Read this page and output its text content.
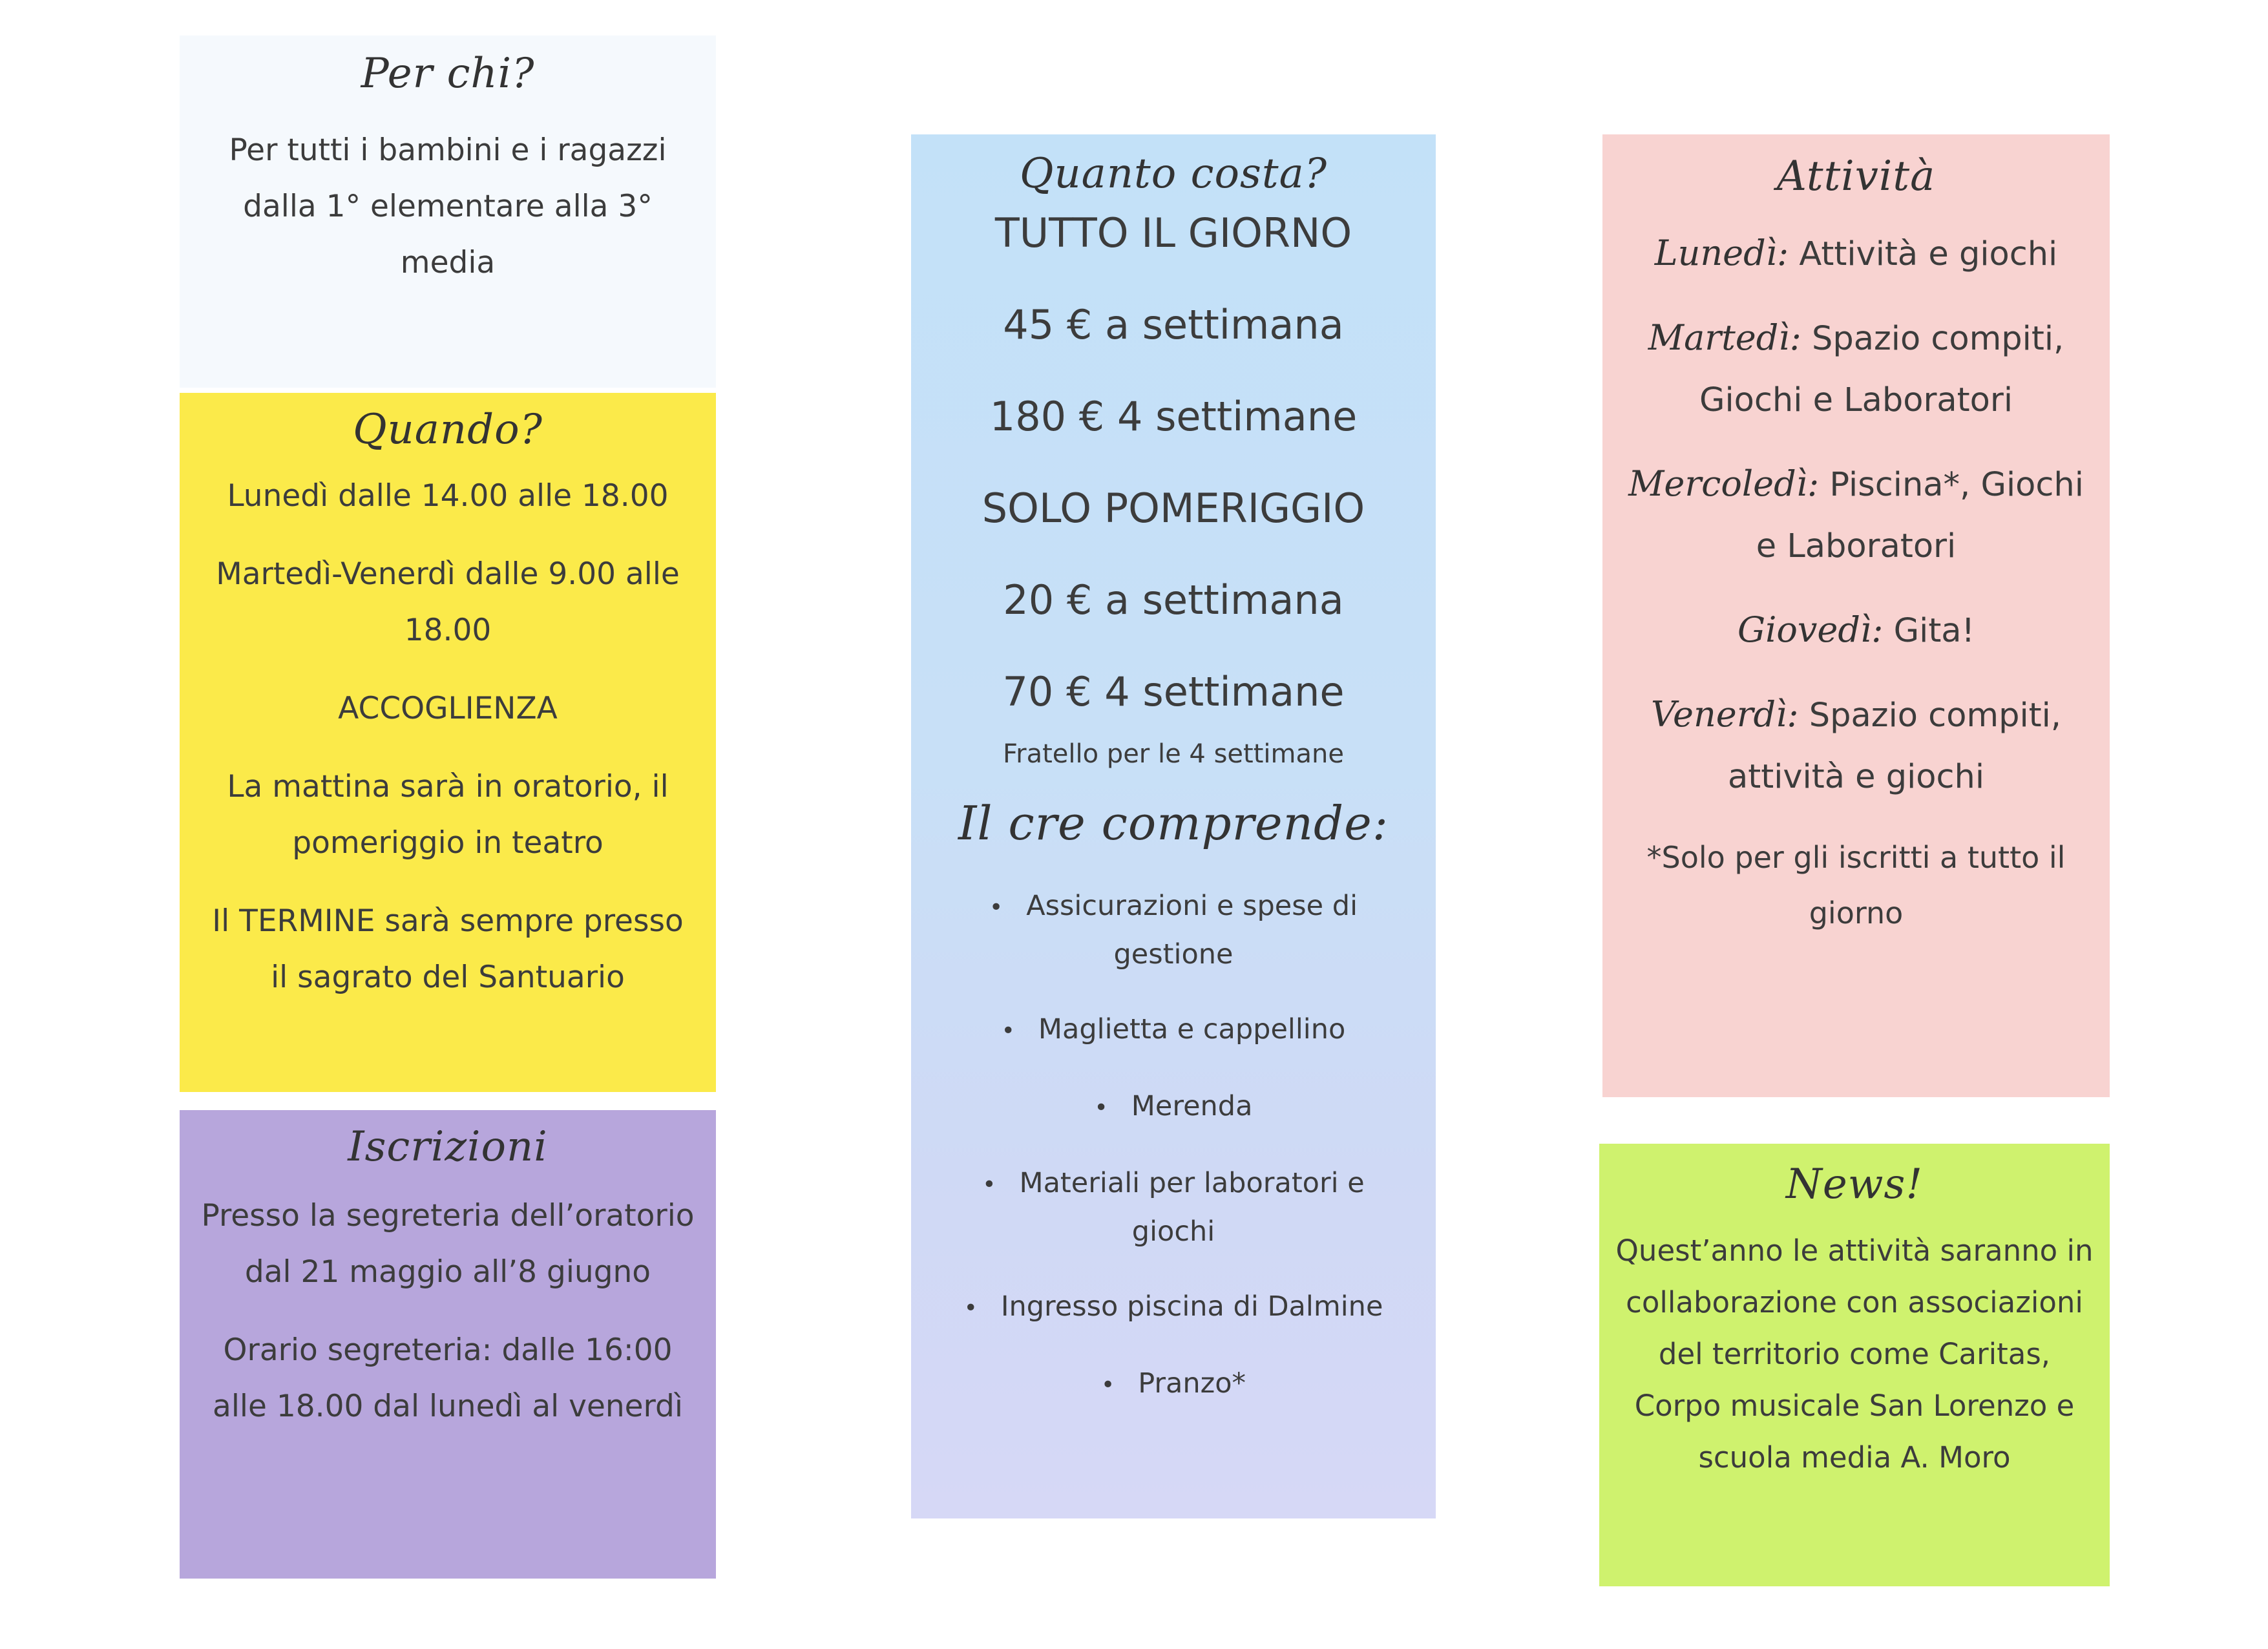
Per chi?

Per tutti i bambini e i ragazzi dalla 1° elementare alla 3° media

Quando?

Lunedì dalle 14.00 alle 18.00

Martedì-Venerdì dalle 9.00 alle 18.00

ACCOGLIENZA

La mattina sarà in oratorio, il pomeriggio in teatro

Il TERMINE sarà sempre presso il sagrato del Santuario

Iscrizioni

Presso la segreteria dell’oratorio dal 21 maggio all’8 giugno

Orario segreteria: dalle 16:00 alle 18.00 dal lunedì al venerdì

Quanto costa?

TUTTO IL GIORNO

45 € a settimana

180 € 4 settimane

SOLO POMERIGGIO

20 € a settimana

70 € 4 settimane

Fratello per le 4 settimane

Il cre comprende:
• Assicurazioni e spese di gestione
• Maglietta e cappellino
• Merenda
• Materiali per laboratori e giochi
• Ingresso piscina di Dalmine
• Pranzo*
Attività

Lunedì: Attività e giochi

Martedì: Spazio compiti, Giochi e Laboratori

Mercoledì: Piscina*, Giochi e Laboratori

Giovedì: Gita!

Venerdì: Spazio compiti, attività e giochi

*Solo per gli iscritti a tutto il giorno

News!

Quest’anno le attività saranno in collaborazione con associazioni del territorio come Caritas, Corpo musicale San Lorenzo e scuola media A. Moro
